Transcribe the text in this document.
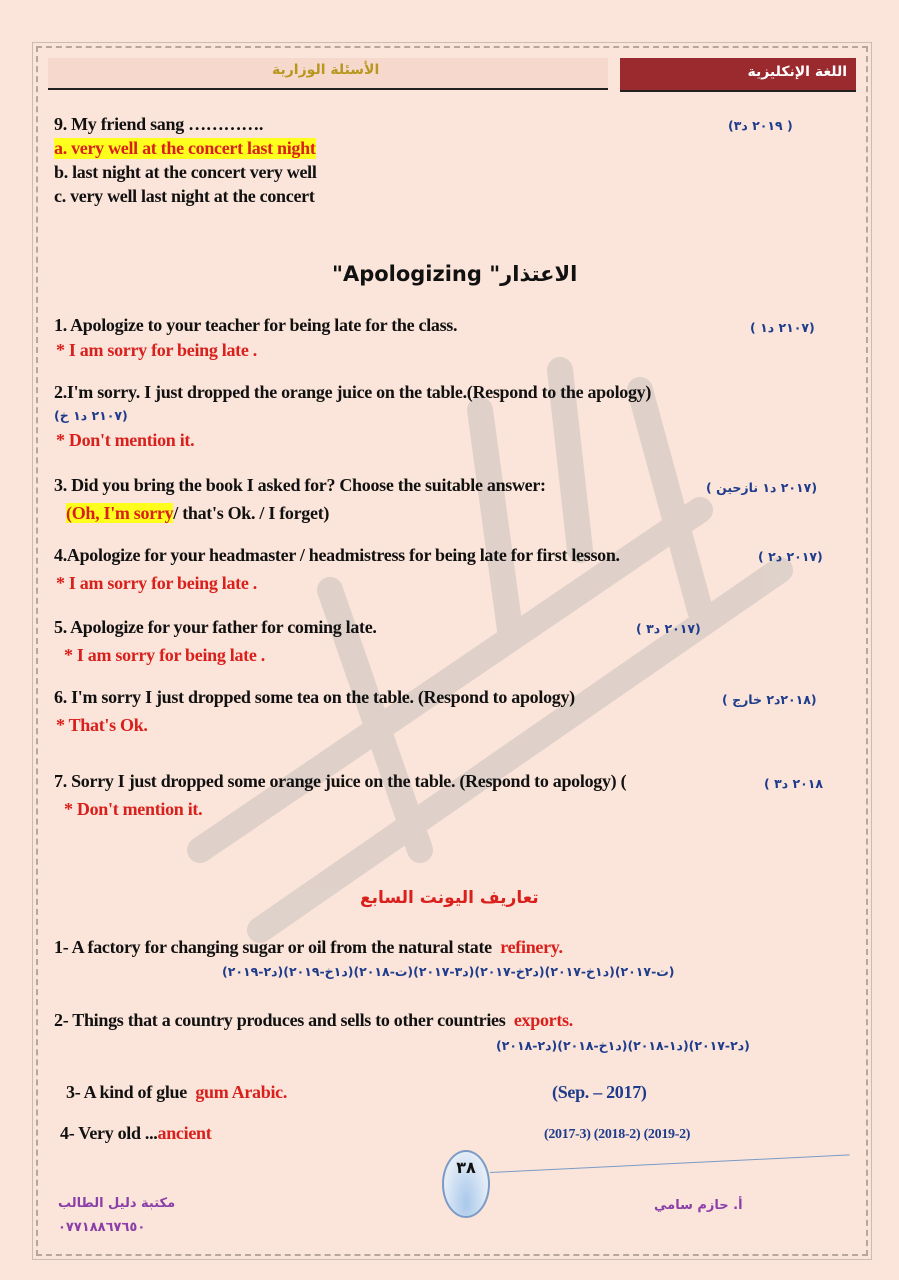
الأسئلة الوزارية	اللغة الإنكليزية
9. My friend sang ………….	( ٢٠١٩ د٣)
a. very well at the concert last night
b. last night at the concert very well
c. very well last night at the concert
"Apologizing الاعتذار"
1. Apologize to your teacher for being late for the class.	(٢١٠٧ د١ )
* I am sorry for being late .
2.I'm sorry. I just dropped the orange juice on the table.(Respond to the apology)
(٢١٠٧ د١ خ)
* Don't mention it.
3. Did you bring the book I asked for? Choose the suitable answer:	(٢٠١٧ د١ نازحين )
(Oh, I'm sorry/ that's Ok. / I forget)
4.Apologize for your headmaster / headmistress for being late for first lesson.	(٢٠١٧ د٢ )
* I am sorry for being late .
5. Apologize for your father for coming late.	(٢٠١٧ د٣ )
* I am sorry for being late .
6. I'm sorry I just dropped some tea on the table. (Respond to apology)	(٢٠١٨د٢ خارج )
* That's Ok.
7. Sorry I just dropped some orange juice on the table. (Respond to apology) (	٢٠١٨ د٣ )
* Don't mention it.
تعاريف اليونت السابع
1- A factory for changing sugar or oil from the natural state refinery.
(ت-٢٠١٧)(د١خ-٢٠١٧)(د٢خ-٢٠١٧)(د٣-٢٠١٧)(ت-٢٠١٨)(د١خ-٢٠١٩)(د٢-٢٠١٩)
2- Things that a country produces and sells to other countries exports.
(د٢-٢٠١٧)(د١-٢٠١٨)(د١خ-٢٠١٨)(د٢-٢٠١٨)
3- A kind of glue gum Arabic.	(Sep. – 2017)
4- Very old ...ancient	(2017-3) (2018-2) (2019-2)
٣٨
مكتبة دليل الطالب
٠٧٧١٨٨٦٧٦٥٠
أ. حازم سامي
